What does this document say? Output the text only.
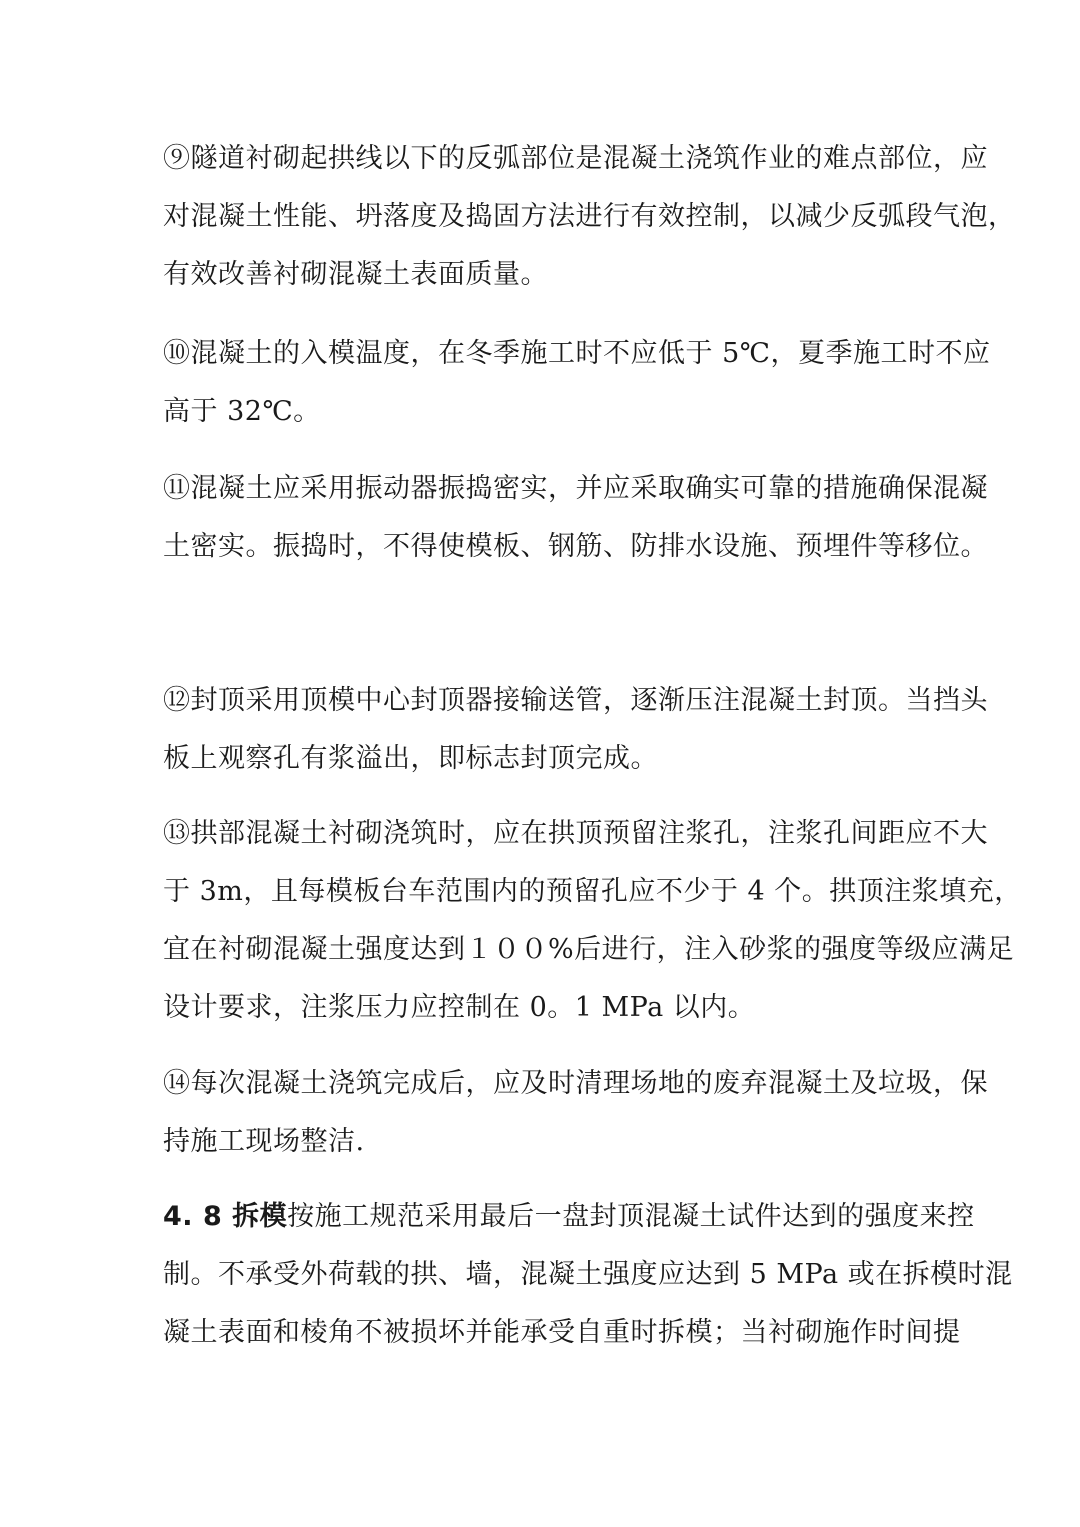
⑨隧道衬砌起拱线以下的反弧部位是混凝土浇筑作业的难点部位，应
对混凝土性能、坍落度及捣固方法进行有效控制，以减少反弧段气泡，
有效改善衬砌混凝土表面质量。
⑩混凝土的入模温度，在冬季施工时不应低于 5℃，夏季施工时不应
高于 32℃。
⑪混凝土应采用振动器振捣密实，并应采取确实可靠的措施确保混凝
土密实。振捣时，不得使模板、钢筋、防排水设施、预埋件等移位。
⑫封顶采用顶模中心封顶器接输送管，逐渐压注混凝土封顶。当挡头
板上观察孔有浆溢出，即标志封顶完成。
⑬拱部混凝土衬砌浇筑时，应在拱顶预留注浆孔，注浆孔间距应不大
于 3m，且每模板台车范围内的预留孔应不少于 4 个。拱顶注浆填充，
宜在衬砌混凝土强度达到１００%后进行，注入砂浆的强度等级应满足
设计要求，注浆压力应控制在 0。1 MPa 以内。
⑭每次混凝土浇筑完成后，应及时清理场地的废弃混凝土及垃圾，保
持施工现场整洁.
4. 8 拆模按施工规范采用最后一盘封顶混凝土试件达到的强度来控
制。不承受外荷载的拱、墙，混凝土强度应达到 5 MPa 或在拆模时混
凝土表面和棱角不被损坏并能承受自重时拆模；当衬砌施作时间提
